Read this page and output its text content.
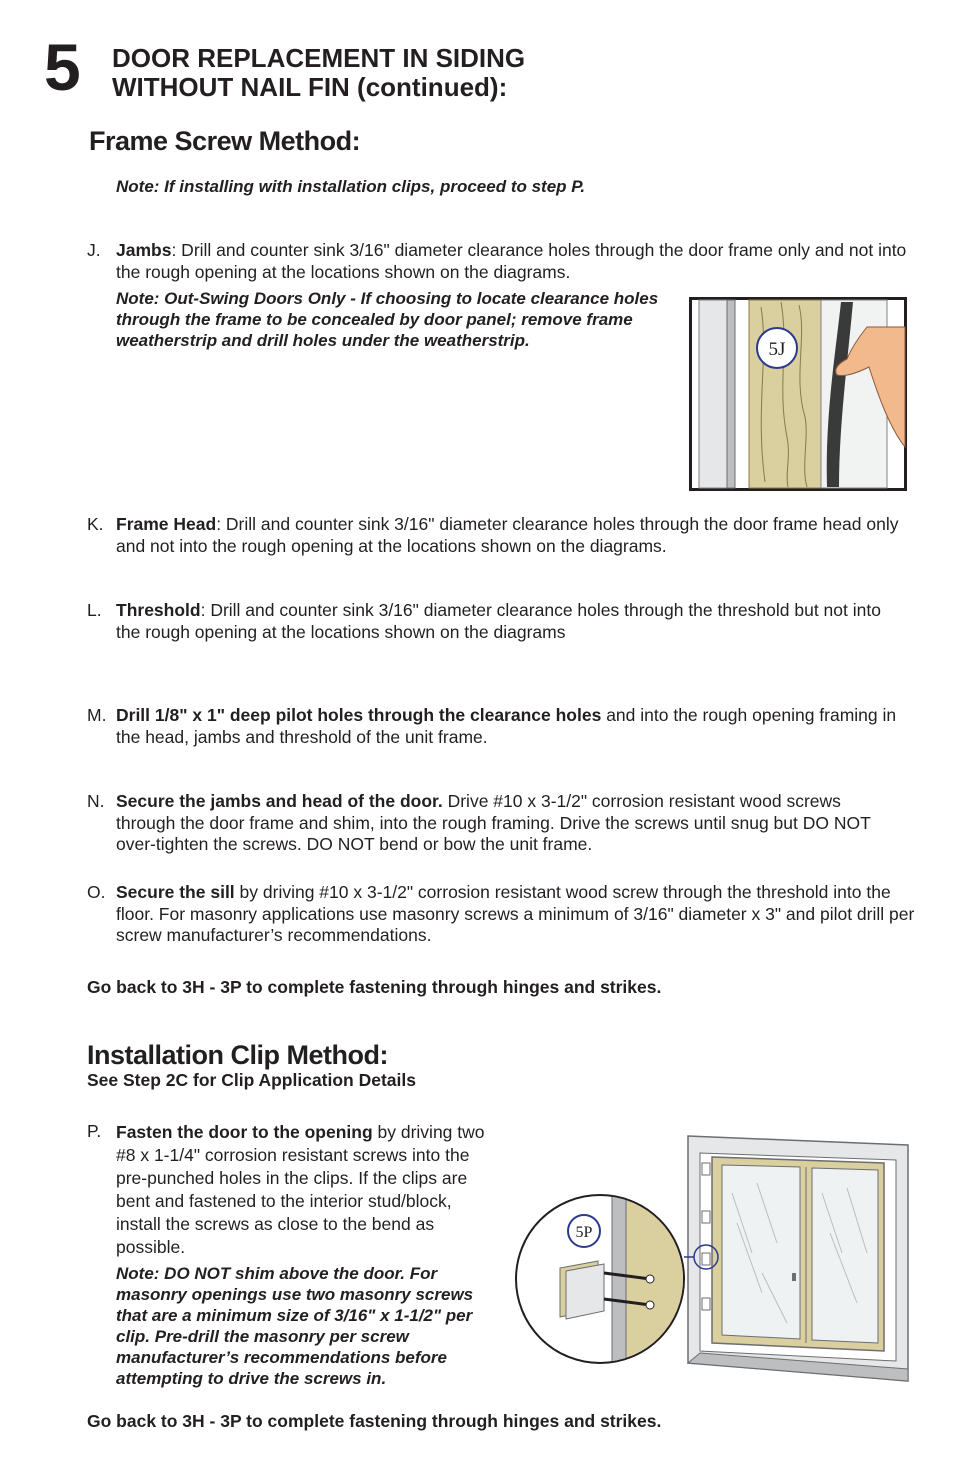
5 DOOR REPLACEMENT IN SIDING
WITHOUT NAIL FIN (continued):
Frame Screw Method:
Note: If installing with installation clips, proceed to step P.
J. Jambs: Drill and counter sink 3/16" diameter clearance holes through the door frame only and not into the rough opening at the locations shown on the diagrams.
Note: Out-Swing Doors Only - If choosing to locate clearance holes through the frame to be concealed by door panel; remove frame weatherstrip and drill holes under the weatherstrip.	5J
K. Frame Head: Drill and counter sink 3/16" diameter clearance holes through the door frame head only and not into the rough opening at the locations shown on the diagrams.
L. Threshold: Drill and counter sink 3/16" diameter clearance holes through the threshold but not into the rough opening at the locations shown on the diagrams
M. Drill 1/8" x 1" deep pilot holes through the clearance holes and into the rough opening framing in the head, jambs and threshold of the unit frame.
N. Secure the jambs and head of the door. Drive #10 x 3-1/2" corrosion resistant wood screws through the door frame and shim, into the rough framing. Drive the screws until snug but DO NOT over-tighten the screws. DO NOT bend or bow the unit frame.
O. Secure the sill by driving #10 x 3-1/2" corrosion resistant wood screw through the threshold into the floor. For masonry applications use masonry screws a minimum of 3/16" diameter x 3" and pilot drill per screw manufacturer’s recommendations.
Go back to 3H - 3P to complete fastening through hinges and strikes.
Installation Clip Method:
See Step 2C for Clip Application Details
P. Fasten the door to the opening by driving two #8 x 1-1/4" corrosion resistant screws into the pre-punched holes in the clips. If the clips are bent and fastened to the interior stud/block, install the screws as close to the bend as possible.
Note: DO NOT shim above the door. For masonry openings use two masonry screws that are a minimum size of 3/16" x 1-1/2" per clip. Pre-drill the masonry per screw manufacturer’s recommendations before attempting to drive the screws in.
5P
Go back to 3H - 3P to complete fastening through hinges and strikes.
